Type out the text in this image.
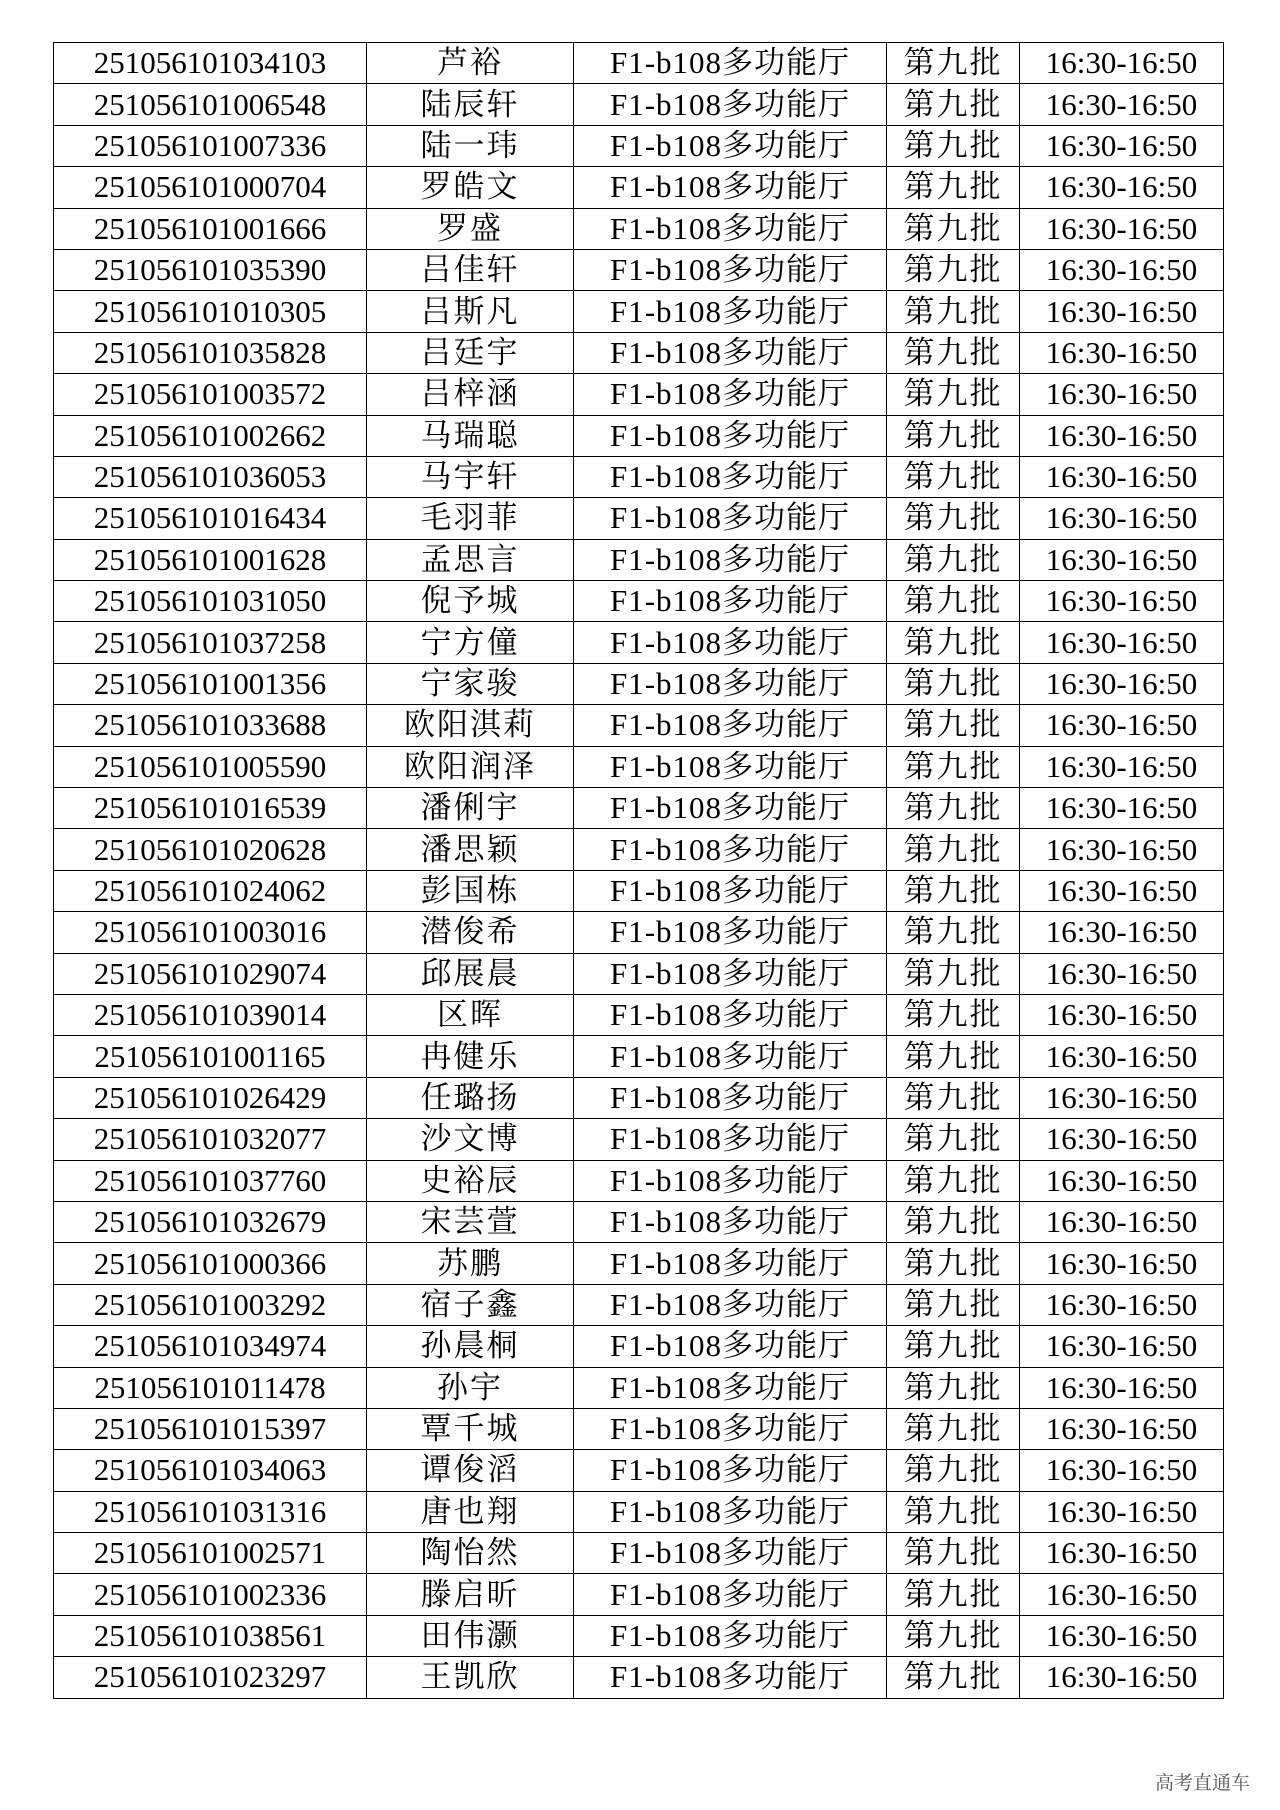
251056101034103	芦裕	F1-b108多功能厅	第九批	16:30-16:50
251056101006548	陆辰轩	F1-b108多功能厅	第九批	16:30-16:50
251056101007336	陆一玮	F1-b108多功能厅	第九批	16:30-16:50
251056101000704	罗皓文	F1-b108多功能厅	第九批	16:30-16:50
251056101001666	罗盛	F1-b108多功能厅	第九批	16:30-16:50
251056101035390	吕佳轩	F1-b108多功能厅	第九批	16:30-16:50
251056101010305	吕斯凡	F1-b108多功能厅	第九批	16:30-16:50
251056101035828	吕廷宇	F1-b108多功能厅	第九批	16:30-16:50
251056101003572	吕梓涵	F1-b108多功能厅	第九批	16:30-16:50
251056101002662	马瑞聪	F1-b108多功能厅	第九批	16:30-16:50
251056101036053	马宇轩	F1-b108多功能厅	第九批	16:30-16:50
251056101016434	毛羽菲	F1-b108多功能厅	第九批	16:30-16:50
251056101001628	孟思言	F1-b108多功能厅	第九批	16:30-16:50
251056101031050	倪予城	F1-b108多功能厅	第九批	16:30-16:50
251056101037258	宁方僮	F1-b108多功能厅	第九批	16:30-16:50
251056101001356	宁家骏	F1-b108多功能厅	第九批	16:30-16:50
251056101033688	欧阳淇莉	F1-b108多功能厅	第九批	16:30-16:50
251056101005590	欧阳润泽	F1-b108多功能厅	第九批	16:30-16:50
251056101016539	潘俐宇	F1-b108多功能厅	第九批	16:30-16:50
251056101020628	潘思颖	F1-b108多功能厅	第九批	16:30-16:50
251056101024062	彭国栋	F1-b108多功能厅	第九批	16:30-16:50
251056101003016	潜俊希	F1-b108多功能厅	第九批	16:30-16:50
251056101029074	邱展晨	F1-b108多功能厅	第九批	16:30-16:50
251056101039014	区晖	F1-b108多功能厅	第九批	16:30-16:50
251056101001165	冉健乐	F1-b108多功能厅	第九批	16:30-16:50
251056101026429	任璐扬	F1-b108多功能厅	第九批	16:30-16:50
251056101032077	沙文博	F1-b108多功能厅	第九批	16:30-16:50
251056101037760	史裕辰	F1-b108多功能厅	第九批	16:30-16:50
251056101032679	宋芸萱	F1-b108多功能厅	第九批	16:30-16:50
251056101000366	苏鹏	F1-b108多功能厅	第九批	16:30-16:50
251056101003292	宿子鑫	F1-b108多功能厅	第九批	16:30-16:50
251056101034974	孙晨桐	F1-b108多功能厅	第九批	16:30-16:50
251056101011478	孙宇	F1-b108多功能厅	第九批	16:30-16:50
251056101015397	覃千城	F1-b108多功能厅	第九批	16:30-16:50
251056101034063	谭俊滔	F1-b108多功能厅	第九批	16:30-16:50
251056101031316	唐也翔	F1-b108多功能厅	第九批	16:30-16:50
251056101002571	陶怡然	F1-b108多功能厅	第九批	16:30-16:50
251056101002336	滕启昕	F1-b108多功能厅	第九批	16:30-16:50
251056101038561	田伟灏	F1-b108多功能厅	第九批	16:30-16:50
251056101023297	王凯欣	F1-b108多功能厅	第九批	16:30-16:50
高考直通车
